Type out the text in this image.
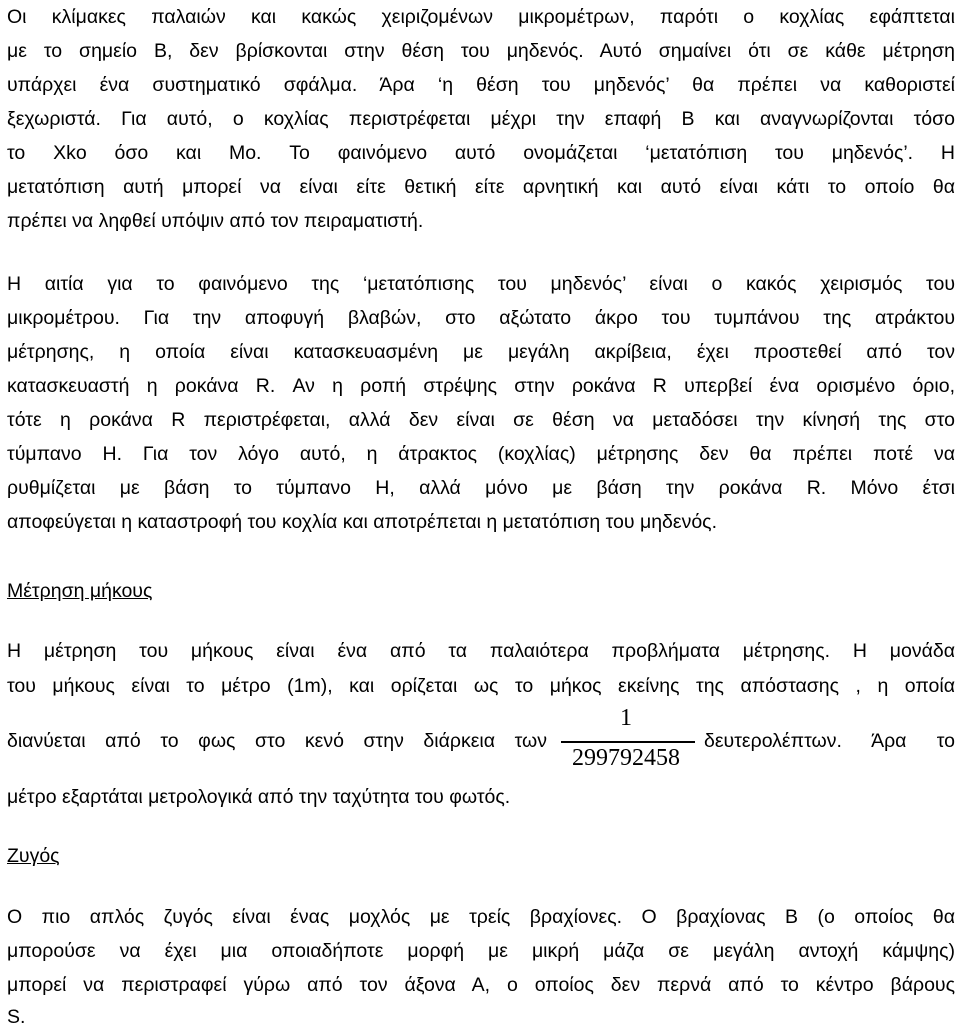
Οι κλίμακες παλαιών και κακώς χειριζομένων μικρομέτρων, παρότι ο κοχλίας εφάπτεται
με το σημείο Β, δεν βρίσκονται στην θέση του μηδενός. Αυτό σημαίνει ότι σε κάθε μέτρηση
υπάρχει ένα συστηματικό σφάλμα. Άρα ‘η θέση του μηδενός’ θα πρέπει να καθοριστεί
ξεχωριστά. Για αυτό, ο κοχλίας περιστρέφεται μέχρι την επαφή Β και αναγνωρίζονται τόσο
το Χko όσο και Mo. Το φαινόμενο αυτό ονομάζεται ‘μετατόπιση του μηδενός’. Η
μετατόπιση αυτή μπορεί να είναι είτε θετική είτε αρνητική και αυτό είναι κάτι το οποίο θα
πρέπει να ληφθεί υπόψιν από τον πειραματιστή.
Η αιτία για το φαινόμενο της ‘μετατόπισης του μηδενός’ είναι ο κακός χειρισμός του
μικρομέτρου. Για την αποφυγή βλαβών, στο αξώτατο άκρο του τυμπάνου της ατράκτου
μέτρησης, η οποία είναι κατασκευασμένη με μεγάλη ακρίβεια, έχει προστεθεί από τον
κατασκευαστή η ροκάνα R. Αν η ροπή στρέψης στην ροκάνα R υπερβεί ένα ορισμένο όριο,
τότε η ροκάνα R περιστρέφεται, αλλά δεν είναι σε θέση να μεταδόσει την κίνησή της στο
τύμπανο Η. Για τον λόγο αυτό, η άτρακτος (κοχλίας) μέτρησης δεν θα πρέπει ποτέ να
ρυθμίζεται με βάση το τύμπανο Η, αλλά μόνο με βάση την ροκάνα R. Μόνο έτσι
αποφεύγεται η καταστροφή του κοχλία και αποτρέπεται η μετατόπιση του μηδενός.
Μέτρηση μήκους
Η μέτρηση του μήκους είναι ένα από τα παλαιότερα προβλήματα μέτρησης. Η μονάδα
του μήκους είναι το μέτρο (1m), και ορίζεται ως το μήκος εκείνης της απόστασης , η οποία
διανύεται από το φως στο κενό στην διάρκεια των
1
299792458
δευτερολέπτων. Άρα το
μέτρο εξαρτάται μετρολογικά από την ταχύτητα του φωτός.
Ζυγός
Ο πιο απλός ζυγός είναι ένας μοχλός με τρείς βραχίονες. Ο βραχίονας Β (ο οποίος θα
μπορούσε να έχει μια οποιαδήποτε μορφή με μικρή μάζα σε μεγάλη αντοχή κάμψης)
μπορεί να περιστραφεί γύρω από τον άξονα Α, ο οποίος δεν περνά από το κέντρο βάρους
S.
